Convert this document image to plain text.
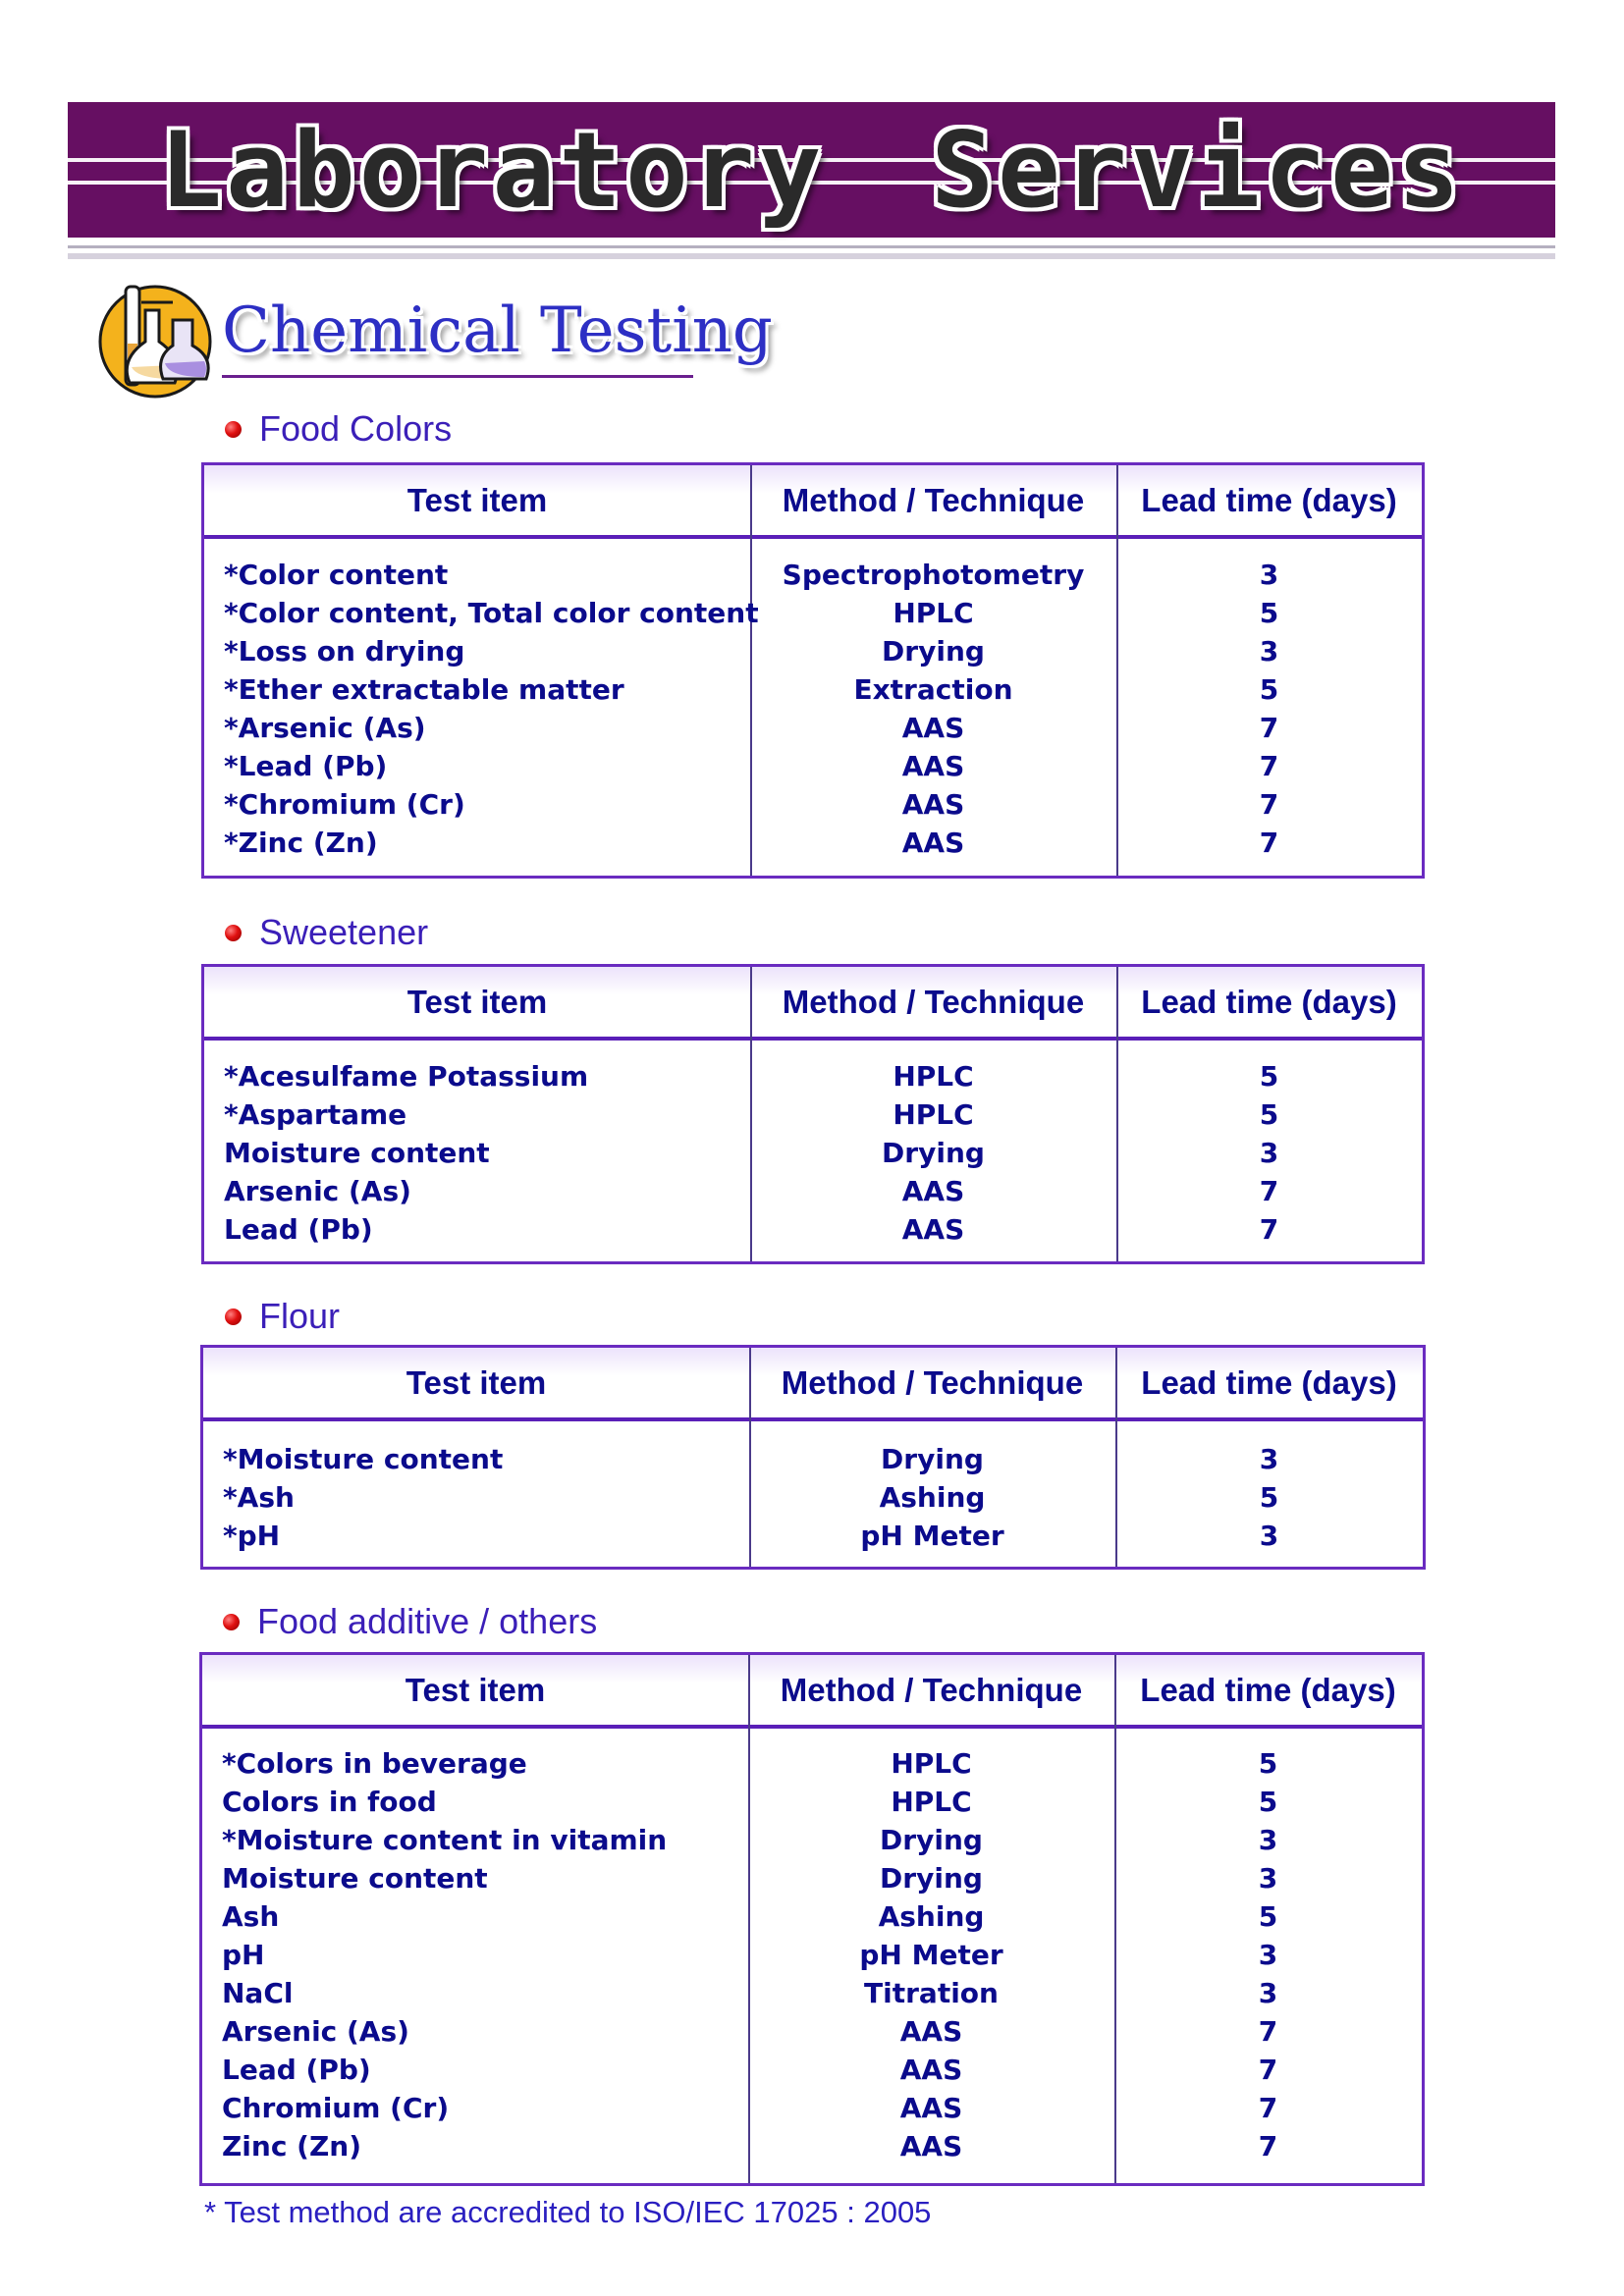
Laboratory Services
Chemical Testing
Food Colors
Test item	Method / Technique	Lead time (days)
*Color content	Spectrophotometry	3
*Color content, Total color content	HPLC	5
*Loss on drying	Drying	3
*Ether extractable matter	Extraction	5
*Arsenic (As)	AAS	7
*Lead (Pb)	AAS	7
*Chromium (Cr)	AAS	7
*Zinc (Zn)	AAS	7
Sweetener
Test item	Method / Technique	Lead time (days)
*Acesulfame Potassium	HPLC	5
*Aspartame	HPLC	5
Moisture content	Drying	3
Arsenic (As)	AAS	7
Lead (Pb)	AAS	7
Flour
Test item	Method / Technique	Lead time (days)
*Moisture content	Drying	3
*Ash	Ashing	5
*pH	pH Meter	3
Food additive / others
Test item	Method / Technique	Lead time (days)
*Colors in beverage	HPLC	5
Colors in food	HPLC	5
*Moisture content in vitamin	Drying	3
Moisture content	Drying	3
Ash	Ashing	5
pH	pH Meter	3
NaCl	Titration	3
Arsenic (As)	AAS	7
Lead (Pb)	AAS	7
Chromium (Cr)	AAS	7
Zinc (Zn)	AAS	7
* Test method are accredited to ISO/IEC 17025 : 2005
